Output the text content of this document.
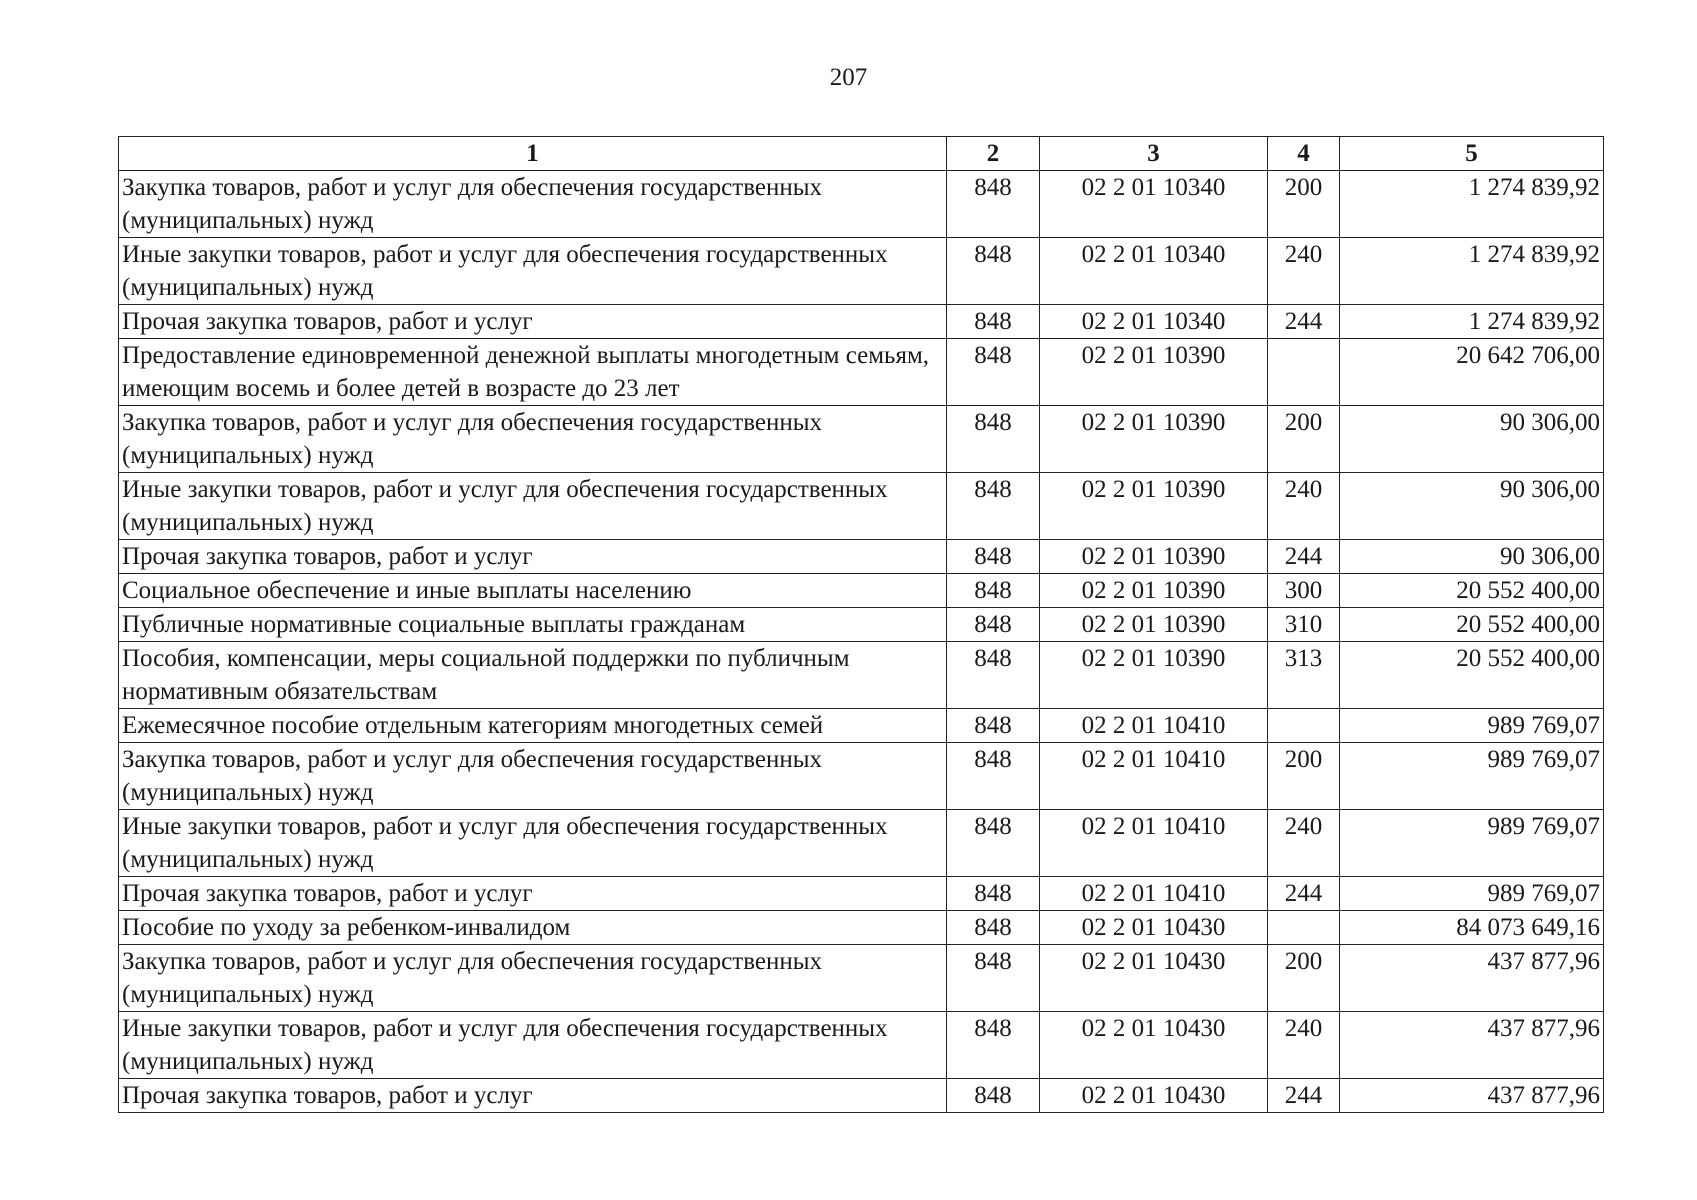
207
1	2	3	4	5
Закупка товаров, работ и услуг для обеспечения государственных (муниципальных) нужд	848	02 2 01 10340	200	1 274 839,92
Иные закупки товаров, работ и услуг для обеспечения государственных (муниципальных) нужд	848	02 2 01 10340	240	1 274 839,92
Прочая закупка товаров, работ и услуг	848	02 2 01 10340	244	1 274 839,92
Предоставление единовременной денежной выплаты многодетным семьям, имеющим восемь и более детей в возрасте до 23 лет	848	02 2 01 10390		20 642 706,00
Закупка товаров, работ и услуг для обеспечения государственных (муниципальных) нужд	848	02 2 01 10390	200	90 306,00
Иные закупки товаров, работ и услуг для обеспечения государственных (муниципальных) нужд	848	02 2 01 10390	240	90 306,00
Прочая закупка товаров, работ и услуг	848	02 2 01 10390	244	90 306,00
Социальное обеспечение и иные выплаты населению	848	02 2 01 10390	300	20 552 400,00
Публичные нормативные социальные выплаты гражданам	848	02 2 01 10390	310	20 552 400,00
Пособия, компенсации, меры социальной поддержки по публичным нормативным обязательствам	848	02 2 01 10390	313	20 552 400,00
Ежемесячное пособие отдельным категориям многодетных семей	848	02 2 01 10410		989 769,07
Закупка товаров, работ и услуг для обеспечения государственных (муниципальных) нужд	848	02 2 01 10410	200	989 769,07
Иные закупки товаров, работ и услуг для обеспечения государственных (муниципальных) нужд	848	02 2 01 10410	240	989 769,07
Прочая закупка товаров, работ и услуг	848	02 2 01 10410	244	989 769,07
Пособие по уходу за ребенком-инвалидом	848	02 2 01 10430		84 073 649,16
Закупка товаров, работ и услуг для обеспечения государственных (муниципальных) нужд	848	02 2 01 10430	200	437 877,96
Иные закупки товаров, работ и услуг для обеспечения государственных (муниципальных) нужд	848	02 2 01 10430	240	437 877,96
Прочая закупка товаров, работ и услуг	848	02 2 01 10430	244	437 877,96
